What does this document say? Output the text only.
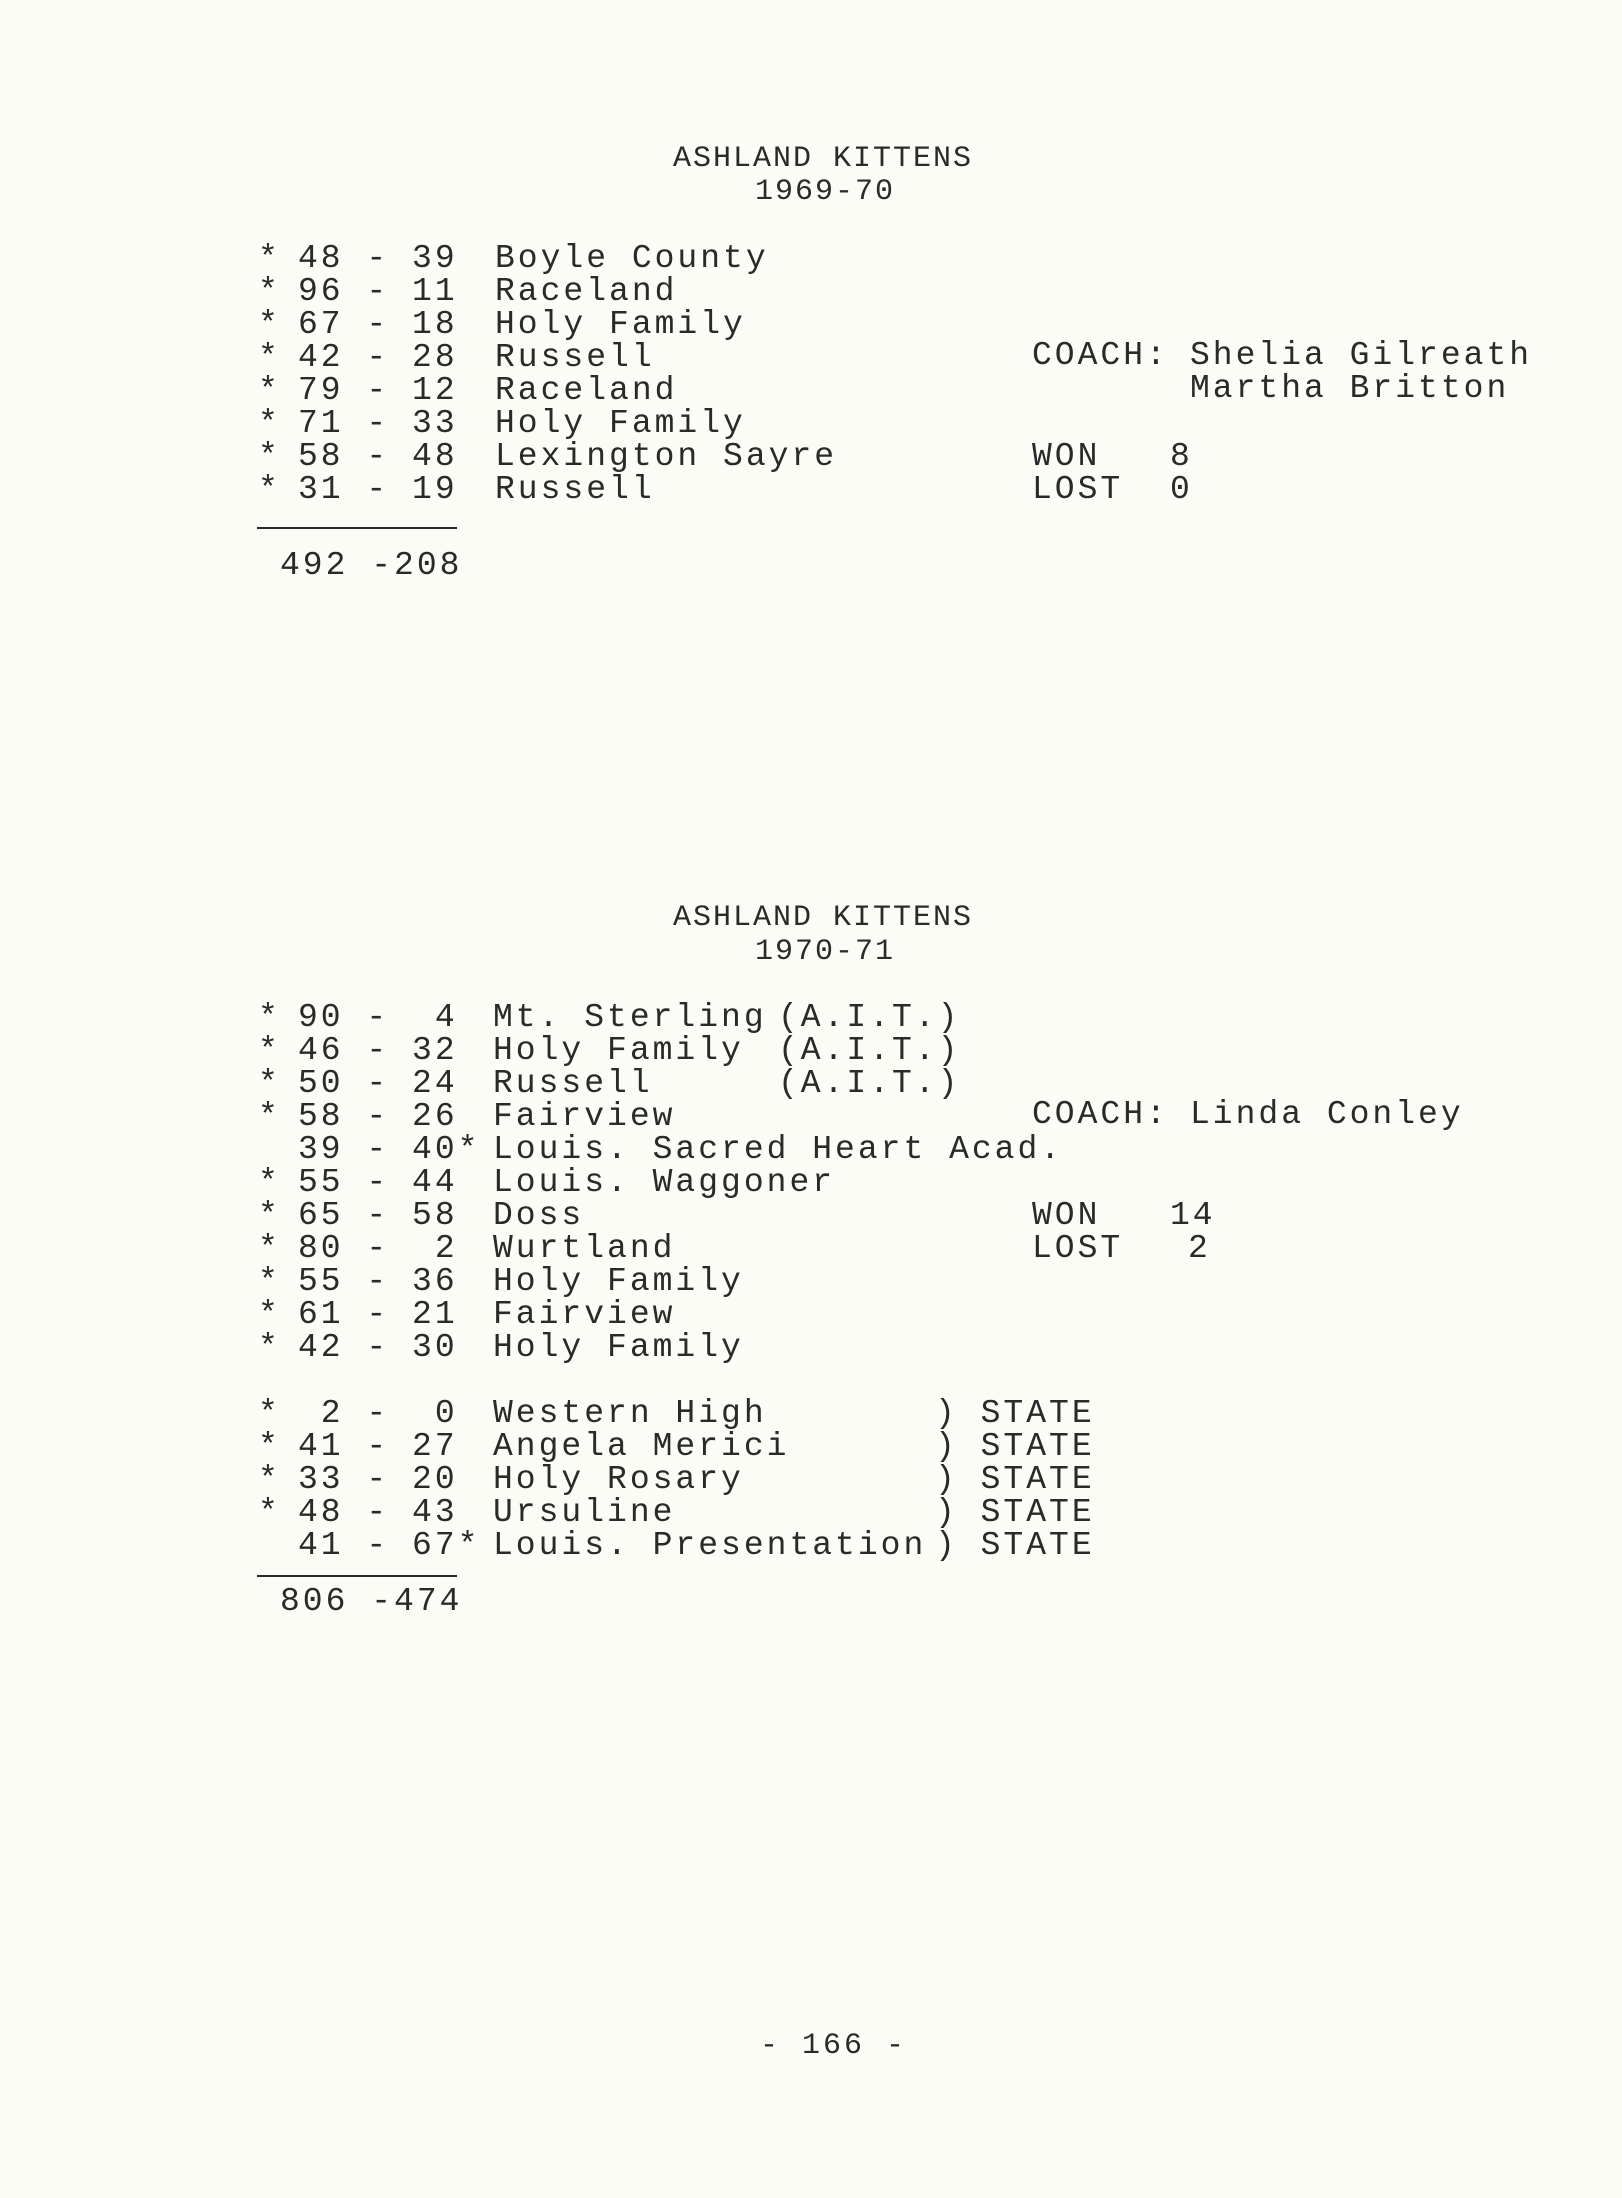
ASHLAND KITTENS
1969-70
* 48 - 39 Boyle County
* 96 - 11 Raceland
* 67 - 18 Holy Family
* 42 - 28 Russell
* 79 - 12 Raceland
* 71 - 33 Holy Family
* 58 - 48 Lexington Sayre
* 31 - 19 Russell
492 -208
COACH: Shelia Gilreath
Martha Britton
WON 8
LOST 0
ASHLAND KITTENS
1970-71
* 90 -  4 Mt. Sterling (A.I.T.)
* 46 - 32 Holy Family (A.I.T.)
* 50 - 24 Russell	(A.I.T.)
* 58 - 26 Fairview
39 - 40* Louis. Sacred Heart Acad.
* 55 - 44 Louis. Waggoner
* 65 - 58 Doss
* 80 -  2 Wurtland
* 55 - 36 Holy Family
* 61 - 21 Fairview
* 42 - 30 Holy Family
* 2 -  0 Western High	) STATE
* 41 - 27 Angela Merici	) STATE
* 33 - 20 Holy Rosary	) STATE
* 48 - 43 Ursuline	) STATE
41 - 67* Louis. Presentation ) STATE
806 -474
COACH: Linda Conley
WON 14
LOST 2
- 166 -
